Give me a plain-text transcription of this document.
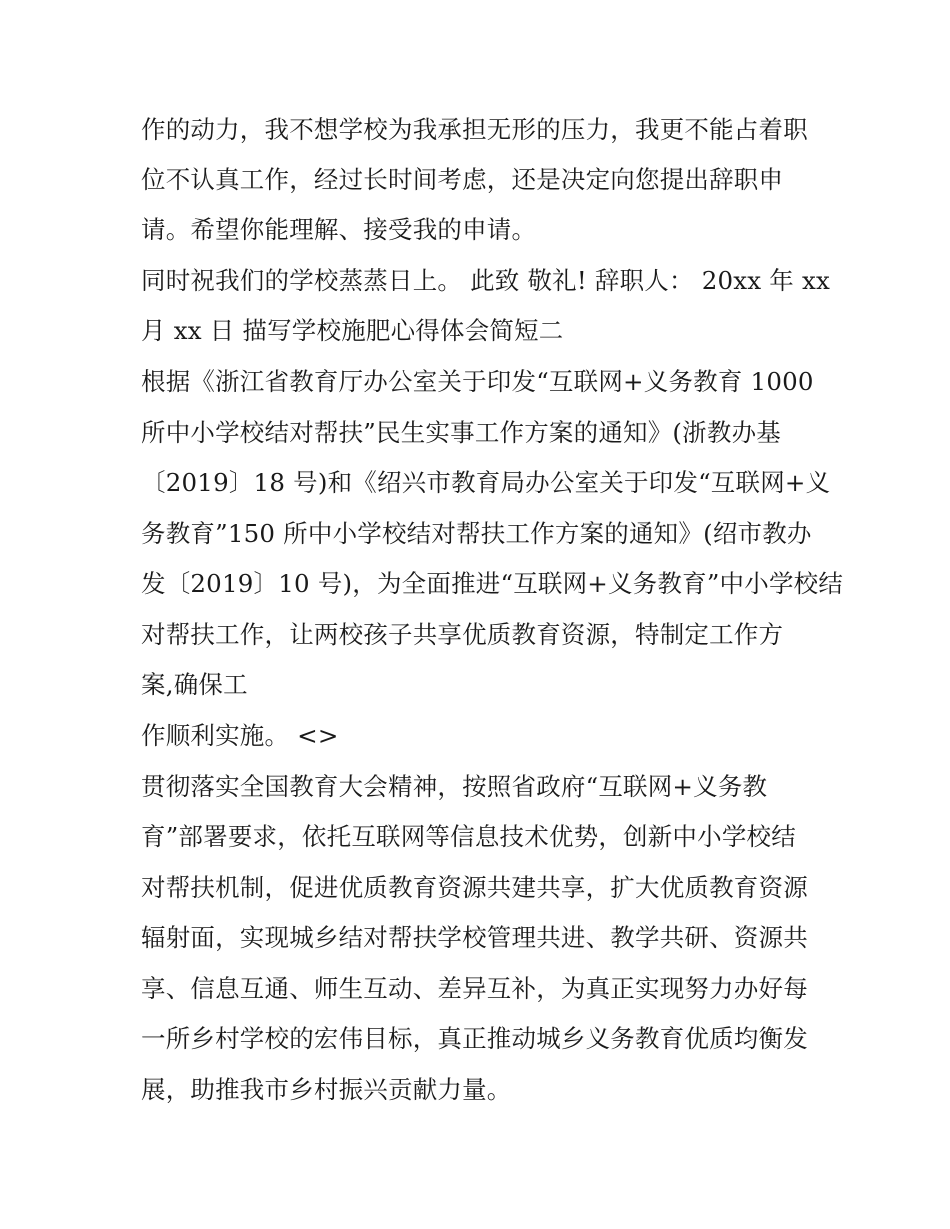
作的动力，我不想学校为我承担无形的压力，我更不能占着职
位不认真工作，经过长时间考虑，还是决定向您提出辞职申
请。希望你能理解、接受我的申请。
同时祝我们的学校蒸蒸日上。 此致 敬礼! 辞职人： 20xx 年 xx
月 xx 日 描写学校施肥心得体会简短二
根据《浙江省教育厅办公室关于印发“互联网+义务教育 1000
所中小学校结对帮扶”民生实事工作方案的通知》(浙教办基
〔2019〕18 号)和《绍兴市教育局办公室关于印发“互联网+义
务教育”150 所中小学校结对帮扶工作方案的通知》(绍市教办
发〔2019〕10 号)，为全面推进“互联网+义务教育”中小学校结
对帮扶工作，让两校孩子共享优质教育资源，特制定工作方
案,确保工
作顺利实施。 <>
贯彻落实全国教育大会精神，按照省政府“互联网+义务教
育”部署要求，依托互联网等信息技术优势，创新中小学校结
对帮扶机制，促进优质教育资源共建共享，扩大优质教育资源
辐射面，实现城乡结对帮扶学校管理共进、教学共研、资源共
享、信息互通、师生互动、差异互补，为真正实现努力办好每
一所乡村学校的宏伟目标，真正推动城乡义务教育优质均衡发
展，助推我市乡村振兴贡献力量。
